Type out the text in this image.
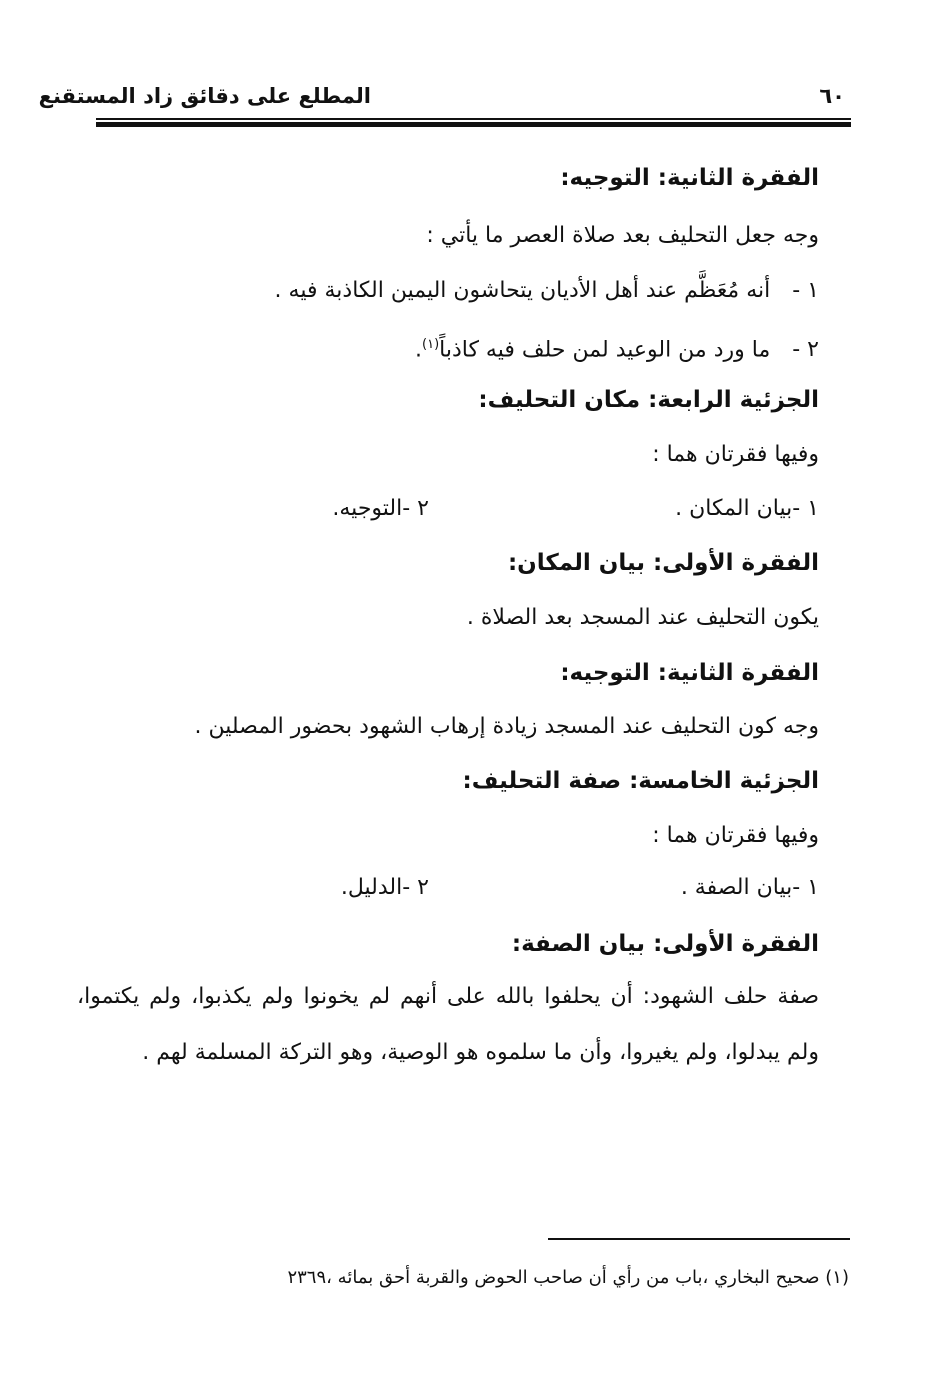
المطلع على دقائق زاد المستقنع	٦٠
الفقرة الثانية: التوجيه:
وجه جعل التحليف بعد صلاة العصر ما يأتي :
١ -أنه مُعَظَّم عند أهل الأديان يتحاشون اليمين الكاذبة فيه .
٢ -ما ورد من الوعيد لمن حلف فيه كاذباً$^{(١)}$.
الجزئية الرابعة: مكان التحليف:
وفيها فقرتان هما :
١ -بيان المكان .
٢ -التوجيه.
الفقرة الأولى: بيان المكان:
يكون التحليف عند المسجد بعد الصلاة .
الفقرة الثانية: التوجيه:
وجه كون التحليف عند المسجد زيادة إرهاب الشهود بحضور المصلين .
الجزئية الخامسة: صفة التحليف:
وفيها فقرتان هما :
١ -بيان الصفة .
٢ -الدليل.
الفقرة الأولى: بيان الصفة:
صفة حلف الشهود: أن يحلفوا بالله على أنهم لم يخونوا ولم يكذبوا، ولم يكتموا، ولم يبدلوا، ولم يغيروا، وأن ما سلموه هو الوصية، وهو التركة المسلمة لهم .
(١) صحيح البخاري ،باب من رأي أن صاحب الحوض والقربة أحق بمائه ،٢٣٦٩
